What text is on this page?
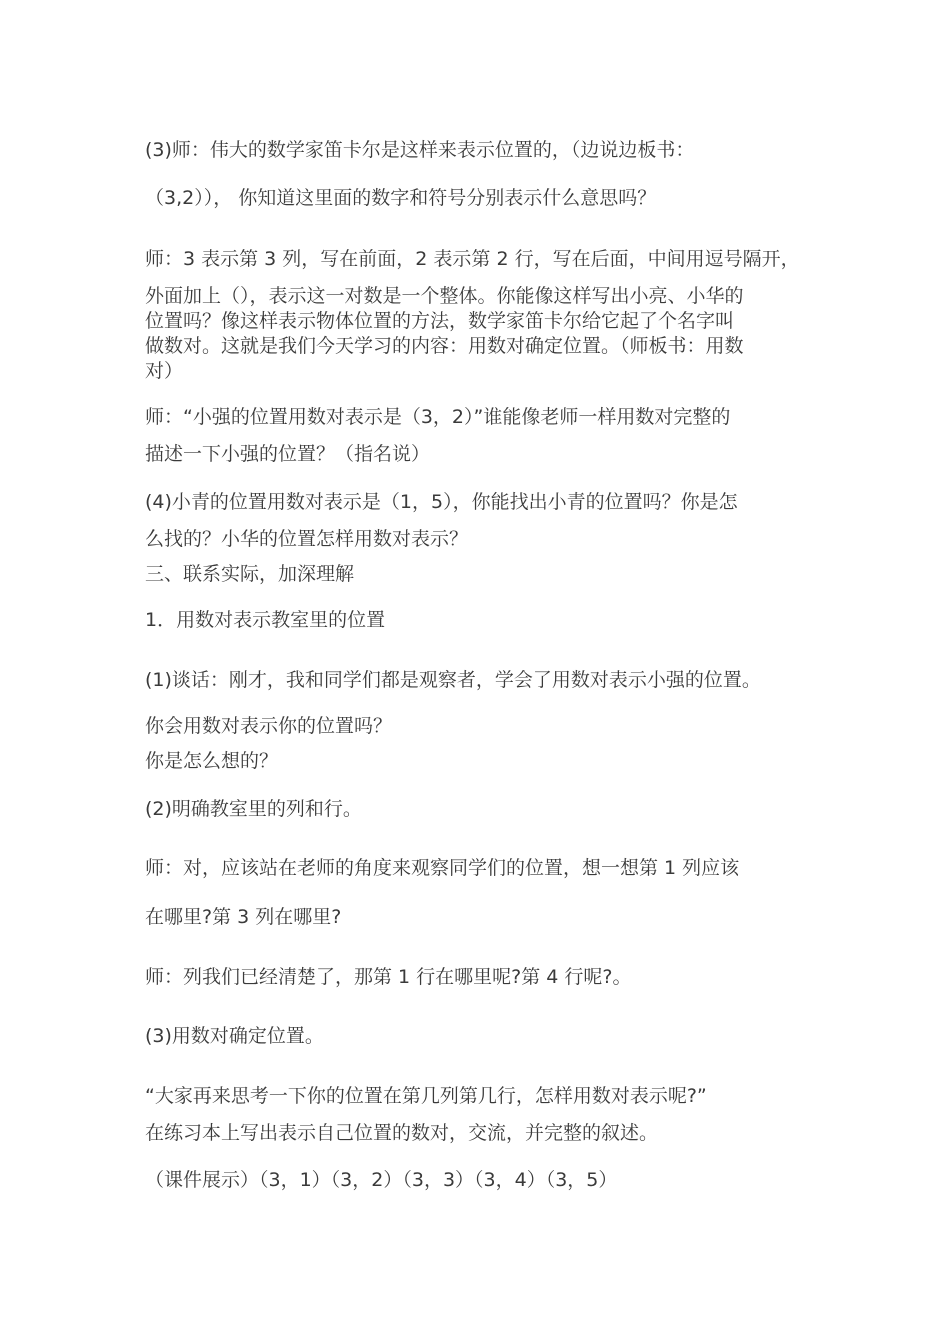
(3)师：伟大的数学家笛卡尔是这样来表示位置的，（边说边板书：
（3,2））， 你知道这里面的数字和符号分别表示什么意思吗？
师：3 表示第 3 列，写在前面，2 表示第 2 行，写在后面，中间用逗号隔开，
外面加上（），表示这一对数是一个整体。你能像这样写出小亮、小华的
位置吗？像这样表示物体位置的方法，数学家笛卡尔给它起了个名字叫
做数对。这就是我们今天学习的内容：用数对确定位置。（师板书：用数
对）
师：“小强的位置用数对表示是（3，2）”谁能像老师一样用数对完整的
描述一下小强的位置？（指名说）
(4)小青的位置用数对表示是（1，5），你能找出小青的位置吗？你是怎
么找的？小华的位置怎样用数对表示？
三、联系实际，加深理解
1．用数对表示教室里的位置
(1)谈话：刚才，我和同学们都是观察者，学会了用数对表示小强的位置。
你会用数对表示你的位置吗？
你是怎么想的？
(2)明确教室里的列和行。
师：对，应该站在老师的角度来观察同学们的位置，想一想第 1 列应该
在哪里?第 3 列在哪里?
师：列我们已经清楚了，那第 1 行在哪里呢?第 4 行呢?。
(3)用数对确定位置。
“大家再来思考一下你的位置在第几列第几行，怎样用数对表示呢?”
在练习本上写出表示自己位置的数对，交流，并完整的叙述。
（课件展示）（3，1）（3，2）（3，3）（3，4）（3，5）
